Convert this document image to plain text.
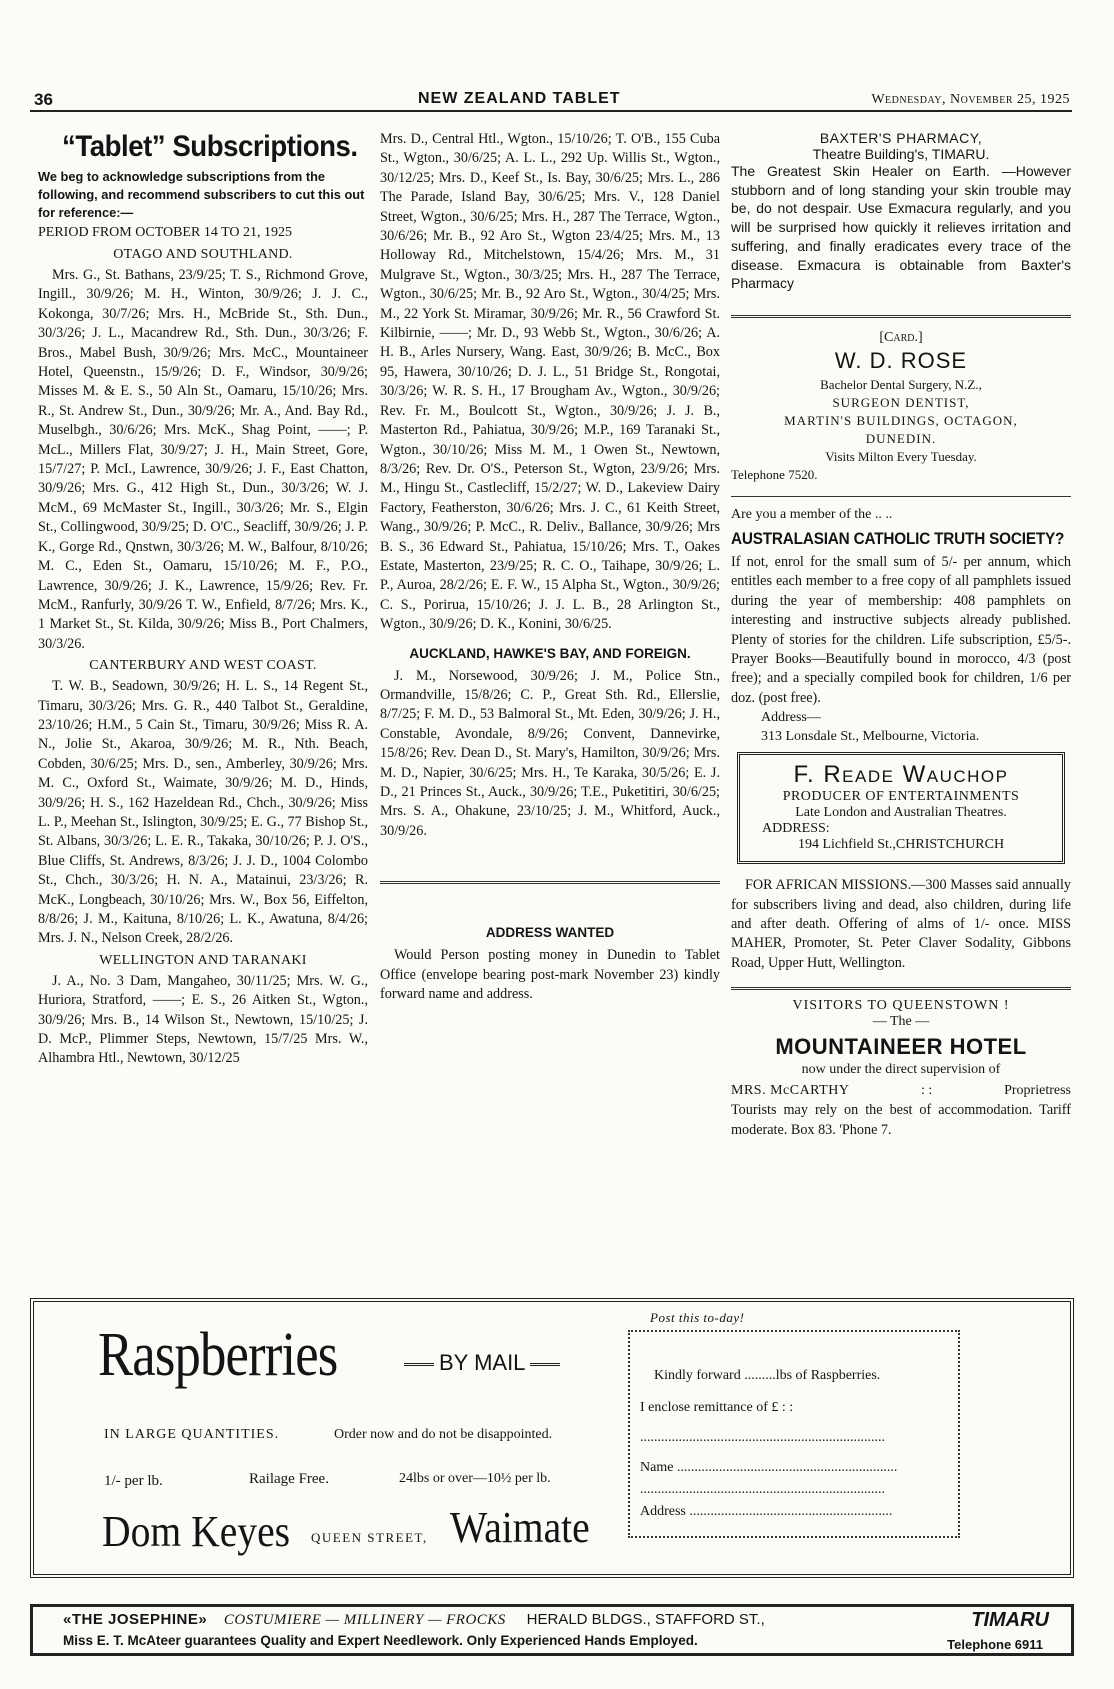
36	NEW ZEALAND TABLET	Wednesday, November 25, 1925
“Tablet” Subscriptions.

We beg to acknowledge subscriptions from the following, and recommend subscribers to cut this out for reference:—

PERIOD FROM OCTOBER 14 TO 21, 1925

OTAGO AND SOUTHLAND.

Mrs. G., St. Bathans, 23/9/25; T. S., Richmond Grove, Ingill., 30/9/26; M. H., Winton, 30/9/26; J. J. C., Kokonga, 30/7/26; Mrs. H., McBride St., Sth. Dun., 30/3/26; J. L., Macandrew Rd., Sth. Dun., 30/3/26; F. Bros., Mabel Bush, 30/9/26; Mrs. McC., Mountaineer Hotel, Queenstn., 15/9/26; D. F., Windsor, 30/9/26; Misses M. & E. S., 50 Aln St., Oamaru, 15/10/26; Mrs. R., St. Andrew St., Dun., 30/9/26; Mr. A., And. Bay Rd., Muselbgh., 30/6/26; Mrs. McK., Shag Point, ——; P. McL., Millers Flat, 30/9/27; J. H., Main Street, Gore, 15/7/27; P. McI., Lawrence, 30/9/26; J. F., East Chatton, 30/9/26; Mrs. G., 412 High St., Dun., 30/3/26; W. J. McM., 69 McMaster St., Ingill., 30/3/26; Mr. S., Elgin St., Collingwood, 30/9/25; D. O'C., Seacliff, 30/9/26; J. P. K., Gorge Rd., Qnstwn, 30/3/26; M. W., Balfour, 8/10/26; M. C., Eden St., Oamaru, 15/10/26; M. F., P.O., Lawrence, 30/9/26; J. K., Lawrence, 15/9/26; Rev. Fr. McM., Ranfurly, 30/9/26 T. W., Enfield, 8/7/26; Mrs. K., 1 Market St., St. Kilda, 30/9/26; Miss B., Port Chalmers, 30/3/26.

CANTERBURY AND WEST COAST.

T. W. B., Seadown, 30/9/26; H. L. S., 14 Regent St., Timaru, 30/3/26; Mrs. G. R., 440 Talbot St., Geraldine, 23/10/26; H.M., 5 Cain St., Timaru, 30/9/26; Miss R. A. N., Jolie St., Akaroa, 30/9/26; M. R., Nth. Beach, Cobden, 30/6/25; Mrs. D., sen., Amberley, 30/9/26; Mrs. M. C., Oxford St., Waimate, 30/9/26; M. D., Hinds, 30/9/26; H. S., 162 Hazeldean Rd., Chch., 30/9/26; Miss L. P., Meehan St., Islington, 30/9/25; E. G., 77 Bishop St., St. Albans, 30/3/26; L. E. R., Takaka, 30/10/26; P. J. O'S., Blue Cliffs, St. Andrews, 8/3/26; J. J. D., 1004 Colombo St., Chch., 30/3/26; H. N. A., Matainui, 23/3/26; R. McK., Longbeach, 30/10/26; Mrs. W., Box 56, Eiffelton, 8/8/26; J. M., Kaituna, 8/10/26; L. K., Awatuna, 8/4/26; Mrs. J. N., Nelson Creek, 28/2/26.

WELLINGTON AND TARANAKI

J. A., No. 3 Dam, Mangaheo, 30/11/25; Mrs. W. G., Huriora, Stratford, ——; E. S., 26 Aitken St., Wgton., 30/9/26; Mrs. B., 14 Wilson St., Newtown, 15/10/25; J. D. McP., Plimmer Steps, Newtown, 15/7/25 Mrs. W., Alhambra Htl., Newtown, 30/12/25

Mrs. D., Central Htl., Wgton., 15/10/26; T. O'B., 155 Cuba St., Wgton., 30/6/25; A. L. L., 292 Up. Willis St., Wgton., 30/12/25; Mrs. D., Keef St., Is. Bay, 30/6/25; Mrs. L., 286 The Parade, Island Bay, 30/6/25; Mrs. V., 128 Daniel Street, Wgton., 30/6/25; Mrs. H., 287 The Terrace, Wgton., 30/6/26; Mr. B., 92 Aro St., Wgton 23/4/25; Mrs. M., 13 Holloway Rd., Mitchelstown, 15/4/26; Mrs. M., 31 Mulgrave St., Wgton., 30/3/25; Mrs. H., 287 The Terrace, Wgton., 30/6/25; Mr. B., 92 Aro St., Wgton., 30/4/25; Mrs. M., 22 York St. Miramar, 30/9/26; Mr. R., 56 Crawford St. Kilbirnie, ——; Mr. D., 93 Webb St., Wgton., 30/6/26; A. H. B., Arles Nursery, Wang. East, 30/9/26; B. McC., Box 95, Hawera, 30/10/26; D. J. L., 51 Bridge St., Rongotai, 30/3/26; W. R. S. H., 17 Brougham Av., Wgton., 30/9/26; Rev. Fr. M., Boulcott St., Wgton., 30/9/26; J. J. B., Masterton Rd., Pahiatua, 30/9/26; M.P., 169 Taranaki St., Wgton., 30/10/26; Miss M. M., 1 Owen St., Newtown, 8/3/26; Rev. Dr. O'S., Peterson St., Wgton, 23/9/26; Mrs. M., Hingu St., Castlecliff, 15/2/27; W. D., Lakeview Dairy Factory, Featherston, 30/6/26; Mrs. J. C., 61 Keith Street, Wang., 30/9/26; P. McC., R. Deliv., Ballance, 30/9/26; Mrs B. S., 36 Edward St., Pahiatua, 15/10/26; Mrs. T., Oakes Estate, Masterton, 23/9/25; R. C. O., Taihape, 30/9/26; L. P., Auroa, 28/2/26; E. F. W., 15 Alpha St., Wgton., 30/9/26; C. S., Porirua, 15/10/26; J. J. L. B., 28 Arlington St., Wgton., 30/9/26; D. K., Konini, 30/6/25.

AUCKLAND, HAWKE'S BAY, AND FOREIGN.

J. M., Norsewood, 30/9/26; J. M., Police Stn., Ormandville, 15/8/26; C. P., Great Sth. Rd., Ellerslie, 8/7/25; F. M. D., 53 Balmoral St., Mt. Eden, 30/9/26; J. H., Constable, Avondale, 8/9/26; Convent, Dannevirke, 15/8/26; Rev. Dean D., St. Mary's, Hamilton, 30/9/26; Mrs. M. D., Napier, 30/6/25; Mrs. H., Te Karaka, 30/5/26; E. J. D., 21 Princes St., Auck., 30/9/26; T.E., Puketitiri, 30/6/25; Mrs. S. A., Ohakune, 23/10/25; J. M., Whitford, Auck., 30/9/26.

ADDRESS WANTED

Would Person posting money in Dunedin to Tablet Office (envelope bearing post-mark November 23) kindly forward name and address.

BAXTER'S PHARMACY,
Theatre Building's, TIMARU.

The Greatest Skin Healer on Earth. —However stubborn and of long standing your skin trouble may be, do not despair. Use Exmacura regularly, and you will be surprised how quickly it relieves irritation and suffering, and finally eradicates every trace of the disease. Exmacura is obtainable from Baxter's Pharmacy

[Card.]
W. D. ROSE
Bachelor Dental Surgery, N.Z.,
SURGEON DENTIST,
MARTIN'S BUILDINGS, OCTAGON,
DUNEDIN.
Visits Milton Every Tuesday.
Telephone 7520.
Are you a member of the .. ..
AUSTRALASIAN CATHOLIC TRUTH SOCIETY?

If not, enrol for the small sum of 5/- per annum, which entitles each member to a free copy of all pamphlets issued during the year of membership: 408 pamphlets on interesting and instructive subjects already published. Plenty of stories for the children. Life subscription, £5/5-. Prayer Books—Beautifully bound in morocco, 4/3 (post free); and a specially compiled book for children, 1/6 per doz. (post free).

Address—
313 Lonsdale St., Melbourne, Victoria.
F. Reade Wauchop
PRODUCER OF ENTERTAINMENTS
Late London and Australian Theatres.
ADDRESS:
194 Lichfield St.,CHRISTCHURCH

FOR AFRICAN MISSIONS.—300 Masses said annually for subscribers living and dead, also children, during life and after death. Offering of alms of 1/- once. MISS MAHER, Promoter, St. Peter Claver Sodality, Gibbons Road, Upper Hutt, Wellington.

VISITORS TO QUEENSTOWN !
— The —
MOUNTAINEER HOTEL
now under the direct supervision of
MRS. McCARTHY	: :	Proprietress

Tourists may rely on the best of accommodation. Tariff moderate. Box 83. 'Phone 7.

Raspberries	BY MAIL
IN LARGE QUANTITIES.	Order now and do not be disappointed.
1/- per lb.	Railage Free.	24lbs or over—10½ per lb.
Dom Keyes QUEEN STREET, Waimate
Post this to-day!
Kindly forward .........lbs of Raspberries.
I enclose remittance of £ : :
......................................................................
Name ...............................................................
......................................................................
Address ..........................................................
«THE JOSEPHINE» COSTUMIERE — MILLINERY — FROCKS HERALD BLDGS., STAFFORD ST.,	TIMARU
Miss E. T. McAteer guarantees Quality and Expert Needlework. Only Experienced Hands Employed.	Telephone 6911
